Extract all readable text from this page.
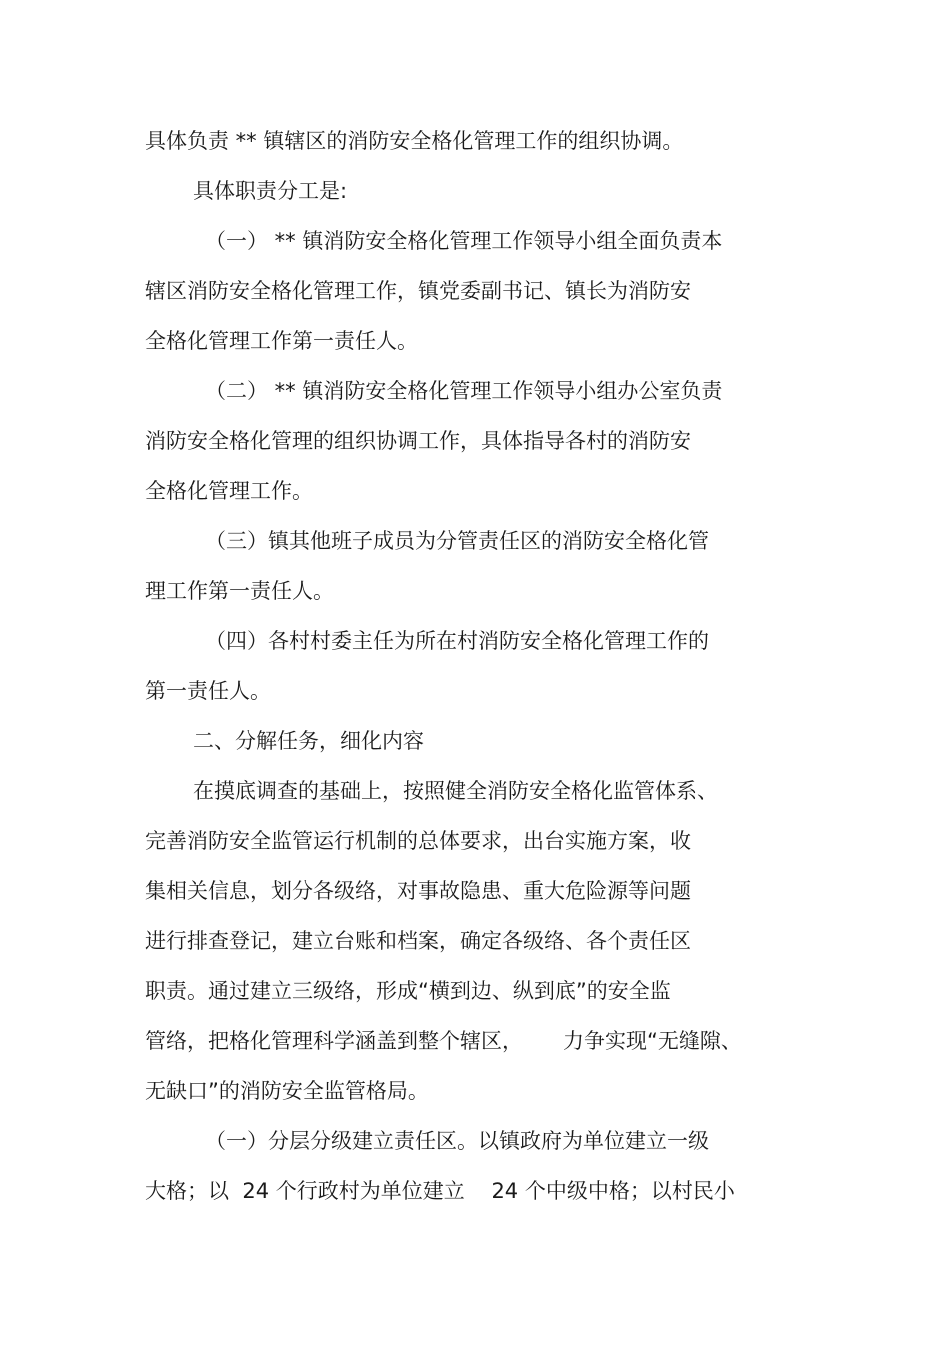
具体负责 ** 镇辖区的消防安全格化管理工作的组织协调。
具体职责分工是:
（一） ** 镇消防安全格化管理工作领导小组全面负责本
辖区消防安全格化管理工作，镇党委副书记、镇长为消防安
全格化管理工作第一责任人。
（二） ** 镇消防安全格化管理工作领导小组办公室负责
消防安全格化管理的组织协调工作，具体指导各村的消防安
全格化管理工作。
（三）镇其他班子成员为分管责任区的消防安全格化管
理工作第一责任人。
（四）各村村委主任为所在村消防安全格化管理工作的
第一责任人。
二、分解任务，细化内容
在摸底调查的基础上，按照健全消防安全格化监管体系、
完善消防安全监管运行机制的总体要求，出台实施方案，收
集相关信息，划分各级络，对事故隐患、重大危险源等问题
进行排查登记，建立台账和档案，确定各级络、各个责任区
职责。通过建立三级络，形成“横到边、纵到底”的安全监
管络，把格化管理科学涵盖到整个辖区，      力争实现“无缝隙、
无缺口”的消防安全监管格局。
（一）分层分级建立责任区。以镇政府为单位建立一级
大格；以  24 个行政村为单位建立    24 个中级中格；以村民小
